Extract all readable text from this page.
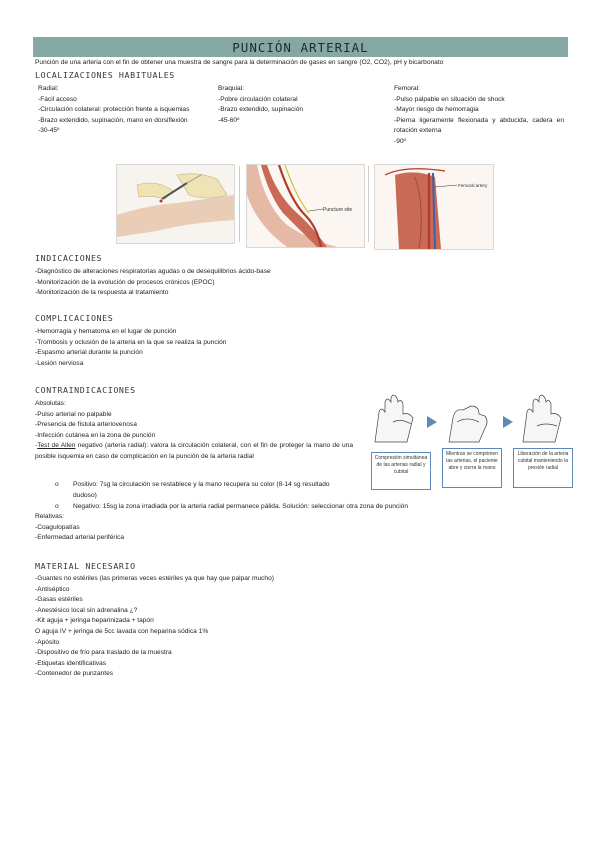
PUNCIÓN ARTERIAL
Punción de una arteria con el fin de obtener una muestra de sangre para la determinación de gases en sangre (O2, CO2), pH y bicarbonato
LOCALIZACIONES HABITUALES
Radial:
-Fácil acceso
-Circulación colateral: protección frente a isquemias
-Brazo extendido, supinación, mano en dorsiflexión
-30-45º
Braquial:
-Pobre circulación colateral
-Brazo extendido, supinación
-45-60º
Femoral:
-Pulso palpable en situación de shock
-Mayor riesgo de hemorragia
-Pierna ligeramente flexionada y abducida, cadera en rotación externa
-90º
Puncture site
Femoral artery
INDICACIONES
-Diagnóstico de alteraciones respiratorias agudas o de desequilibrios ácido-base
-Monitorización de la evolución de procesos crónicos (EPOC)
-Monitorización de la respuesta al tratamiento
COMPLICACIONES
-Hemorragia y hematoma en el lugar de punción
-Trombosis y oclusión de la arteria en la que se realiza la punción
-Espasmo arterial durante la punción
-Lesión nerviosa
CONTRAINDICACIONES
Absolutas:
-Pulso arterial no palpable
-Presencia de fístula arteriovenosa
-Infección cutánea en la zona de punción
-Test de Allen negativo (arteria radial): valora la circulación colateral, con el fin de proteger la mano de una posible isquemia en caso de complicación en la punción de la arteria radial
o Positivo: 7sg la circulación se restablece y la mano recupera su color (8-14 sg resultado dudoso)
o Negativo: 15sg la zona irradiada por la arteria radial permanece pálida. Solución: seleccionar otra zona de punción
Relativas:
-Coagulopatías
-Enfermedad arterial periférica
Compresión simultánea de las arterias radial y cubital
Mientras se comprimen las arterias, el paciente abre y cierra la mano
Liberación de la arteria cubital manteniendo la presión radial
MATERIAL NECESARIO
-Guantes no estériles (las primeras veces estériles ya que hay que palpar mucho)
-Antiséptico
-Gasas estériles
-Anestésico local sin adrenalina ¿?
-Kit aguja + jeringa heparinizada + tapón
O aguja IV + jeringa de 5cc lavada con heparina sódica 1%
-Apósito
-Dispositivo de frío para traslado de la muestra
-Etiquetas identificativas
-Contenedor de punzantes
